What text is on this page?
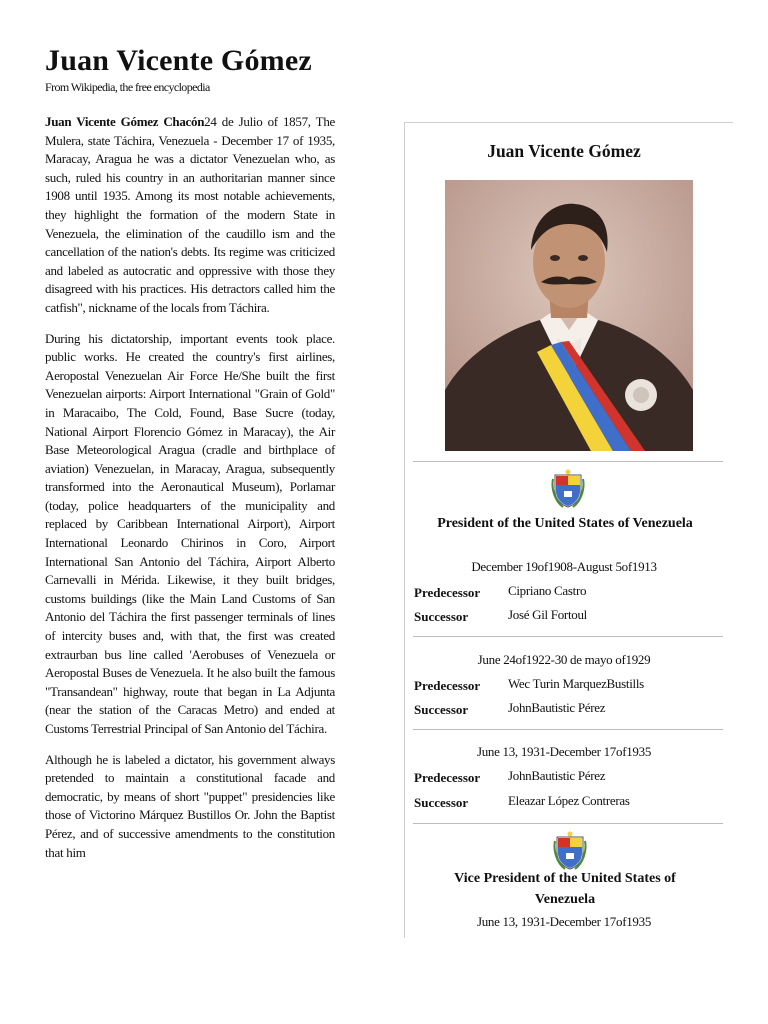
Juan Vicente Gómez
From Wikipedia, the free encyclopedia

Juan Vicente Gómez Chacón24 de Julio of 1857, The Mulera, state Táchira, Venezuela - December 17 of 1935, Maracay, Aragua he was a dictator Venezuelan who, as such, ruled his country in an authoritarian manner since 1908 until 1935. Among its most notable achievements, they highlight the formation of the modern State in Venezuela, the elimination of the caudillo ism and the cancellation of the nation's debts. Its regime was criticized and labeled as autocratic and oppressive with those they disagreed with his practices. His detractors called him the catfish", nickname of the locals from Táchira.

During his dictatorship, important events took place. public works. He created the country's first airlines, Aeropostal Venezuelan Air Force He/She built the first Venezuelan airports: Airport International "Grain of Gold" in Maracaibo, The Cold, Found, Base Sucre (today, National Airport Florencio Gómez in Maracay), the Air Base Meteorological Aragua (cradle and birthplace of aviation) Venezuelan, in Maracay, Aragua, subsequently transformed into the Aeronautical Museum), Porlamar (today, police headquarters of the municipality and replaced by Caribbean International Airport), Airport International Leonardo Chirinos in Coro, Airport International San Antonio del Táchira, Airport Alberto Carnevalli in Mérida. Likewise, it they built bridges, customs buildings (like the Main Land Customs of San Antonio del Táchira the first passenger terminals of lines of intercity buses and, with that, the first was created extraurban bus line called 'Aerobuses of Venezuela or Aeropostal Buses de Venezuela. It he also built the famous "Transandean" highway, route that began in La Adjunta (near the station of the Caracas Metro) and ended at Customs Terrestrial Principal of San Antonio del Táchira.

Although he is labeled a dictator, his government always pretended to maintain a constitutional facade and democratic, by means of short "puppet" presidencies like those of Victorino Márquez Bustillos Or. John the Baptist Pérez, and of successive amendments to the constitution that him

Juan Vicente Gómez
President of the United States of Venezuela
December 19of1908-August 5of1913
Predecessor Cipriano Castro
Successor	José Gil Fortoul
June 24of1922-30 de mayo of1929
Predecessor Wec Turin MarquezBustills
Successor	JohnBautistic Pérez
June 13, 1931-December 17of1935
Predecessor JohnBautistic Pérez
Successor	Eleazar López Contreras
Vice President of the United States of Venezuela
June 13, 1931-December 17of1935
